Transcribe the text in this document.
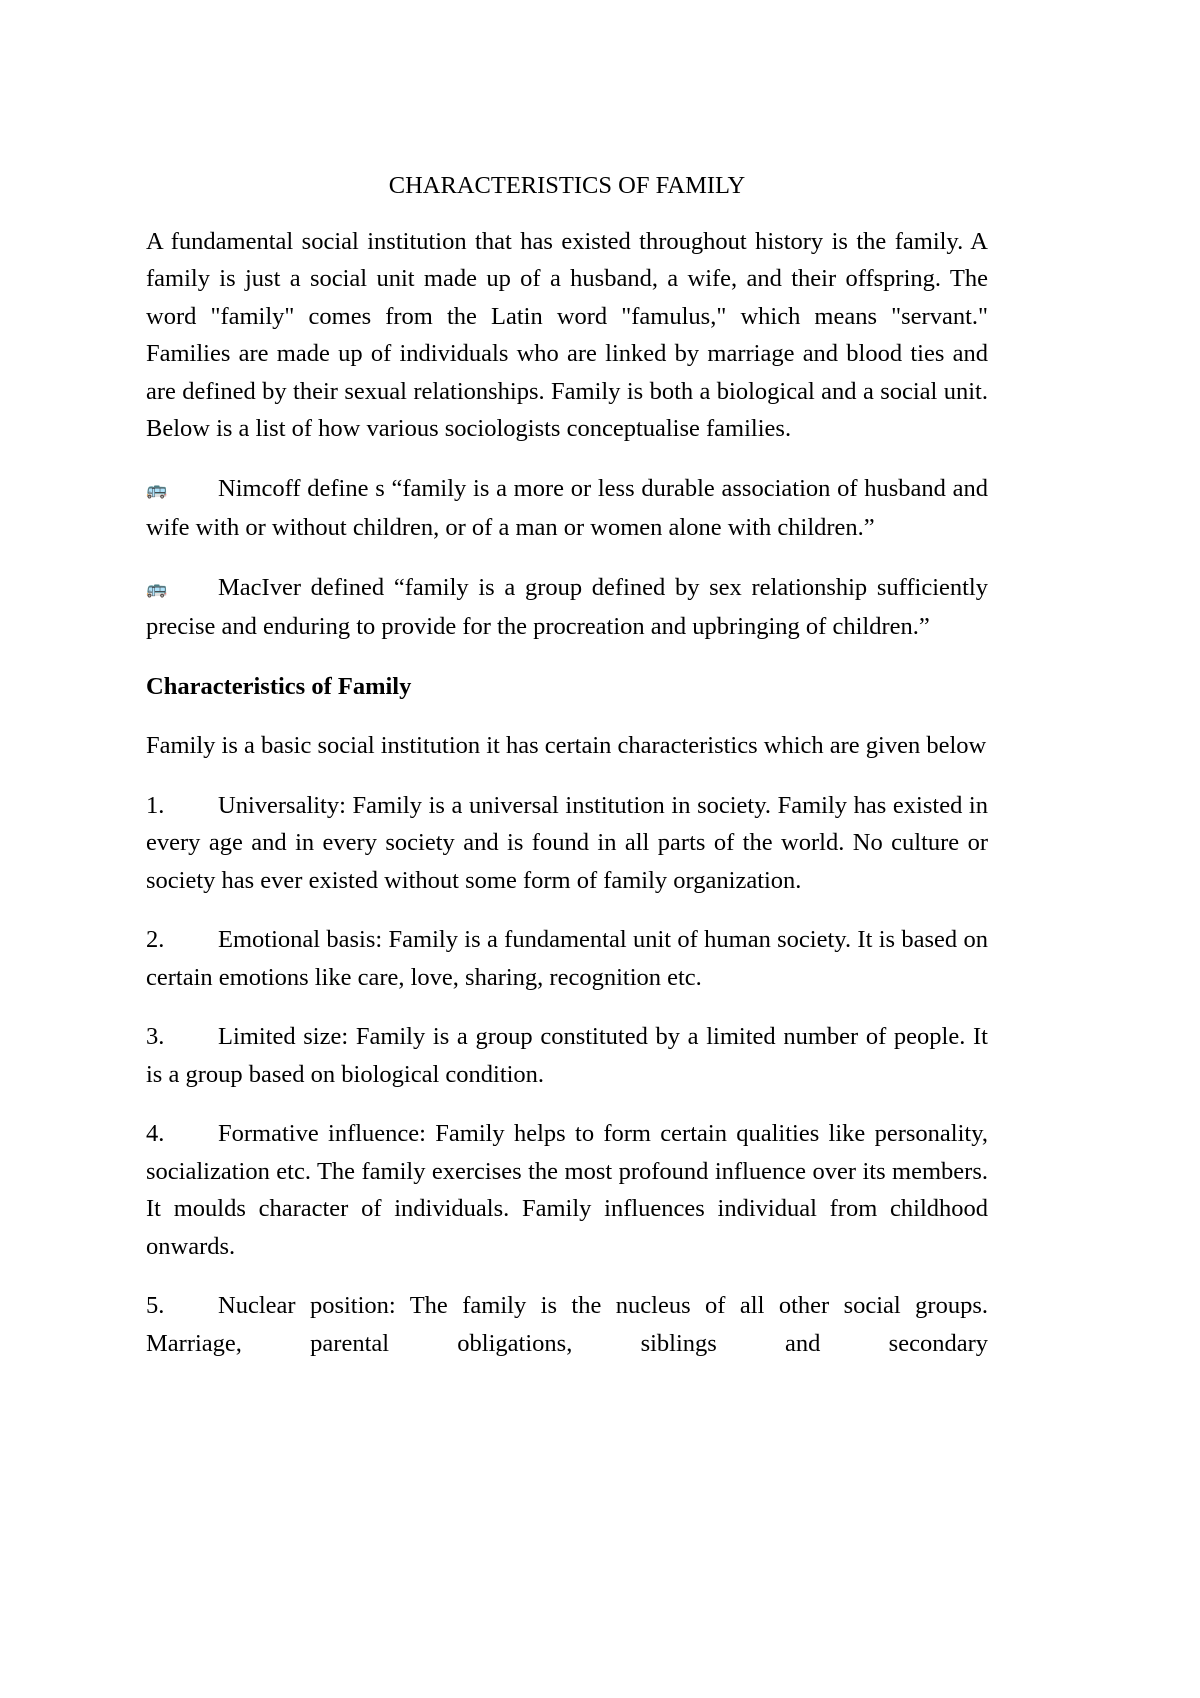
CHARACTERISTICS OF FAMILY

A fundamental social institution that has existed throughout history is the family. A family is just a social unit made up of a husband, a wife, and their offspring. The word "family" comes from the Latin word "famulus," which means "servant." Families are made up of individuals who are linked by marriage and blood ties and are defined by their sexual relationships. Family is both a biological and a social unit. Below is a list of how various sociologists conceptualise families.

🚌 Nimcoff define s “family is a more or less durable association of husband and wife with or without children, or of a man or women alone with children.”

🚌 MacIver defined “family is a group defined by sex relationship sufficiently precise and enduring to provide for the procreation and upbringing of children.”

Characteristics of Family

Family is a basic social institution it has certain characteristics which are given below

1. Universality: Family is a universal institution in society. Family has existed in every age and in every society and is found in all parts of the world. No culture or society has ever existed without some form of family organization.

2. Emotional basis: Family is a fundamental unit of human society. It is based on certain emotions like care, love, sharing, recognition etc.

3. Limited size: Family is a group constituted by a limited number of people. It is a group based on biological condition.

4. Formative influence: Family helps to form certain qualities like personality, socialization etc. The family exercises the most profound influence over its members. It moulds character of individuals. Family influences individual from childhood onwards.

5. Nuclear position: The family is the nucleus of all other social groups. Marriage, parental obligations, siblings and secondary
